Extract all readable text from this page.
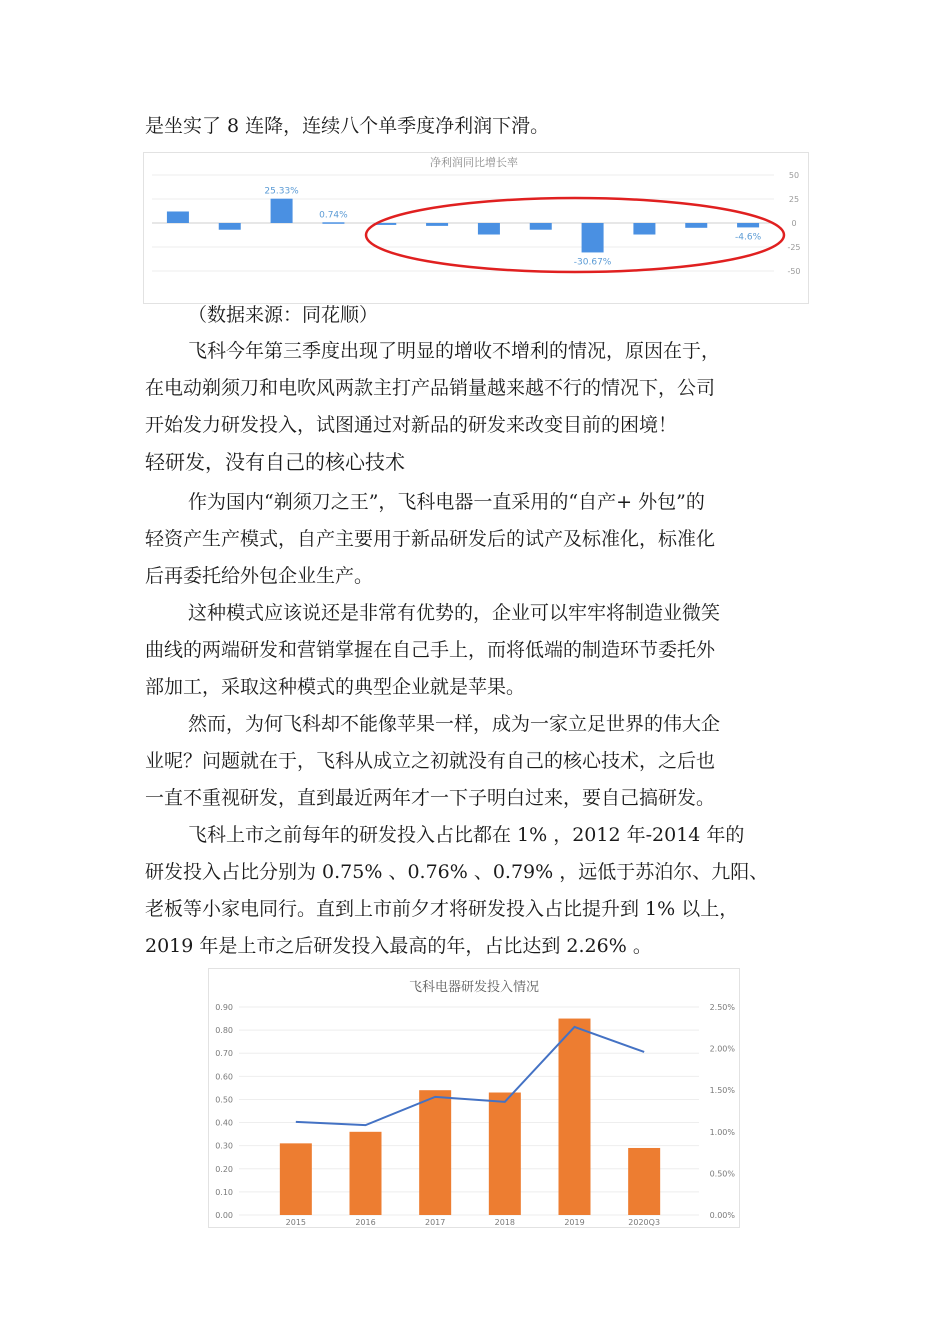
是坐实了 8 连降，连续八个单季度净利润下滑。

净利润同比增长率
25.33%
0.74%
-30.67%
-4.6%
50
25
0
-25
-50
（数据来源：同花顺）

飞科今年第三季度出现了明显的增收不增利的情况，原因在于，

在电动剃须刀和电吹风两款主打产品销量越来越不行的情况下，公司

开始发力研发投入，试图通过对新品的研发来改变目前的困境！

轻研发，没有自己的核心技术

作为国内“剃须刀之王”，飞科电器一直采用的“自产+ 外包”的

轻资产生产模式，自产主要用于新品研发后的试产及标准化，标准化

后再委托给外包企业生产。

这种模式应该说还是非常有优势的，企业可以牢牢将制造业微笑

曲线的两端研发和营销掌握在自己手上，而将低端的制造环节委托外

部加工，采取这种模式的典型企业就是苹果。

然而，为何飞科却不能像苹果一样，成为一家立足世界的伟大企

业呢？问题就在于，飞科从成立之初就没有自己的核心技术，之后也

一直不重视研发，直到最近两年才一下子明白过来，要自己搞研发。

飞科上市之前每年的研发投入占比都在 1% ，2012 年-2014 年的

研发投入占比分别为 0.75% 、0.76% 、0.79% ，远低于苏泊尔、九阳、

老板等小家电同行。直到上市前夕才将研发投入占比提升到 1% 以上，

2019 年是上市之后研发投入最高的年，占比达到 2.26% 。

飞科电器研发投入情况
0.90
0.80
0.70
0.60
0.50
0.40
0.30
0.20
0.10
0.00
2.50%
2.00%
1.50%
1.00%
0.50%
0.00%
2015	2016	2017	2018	2019	2020Q3
